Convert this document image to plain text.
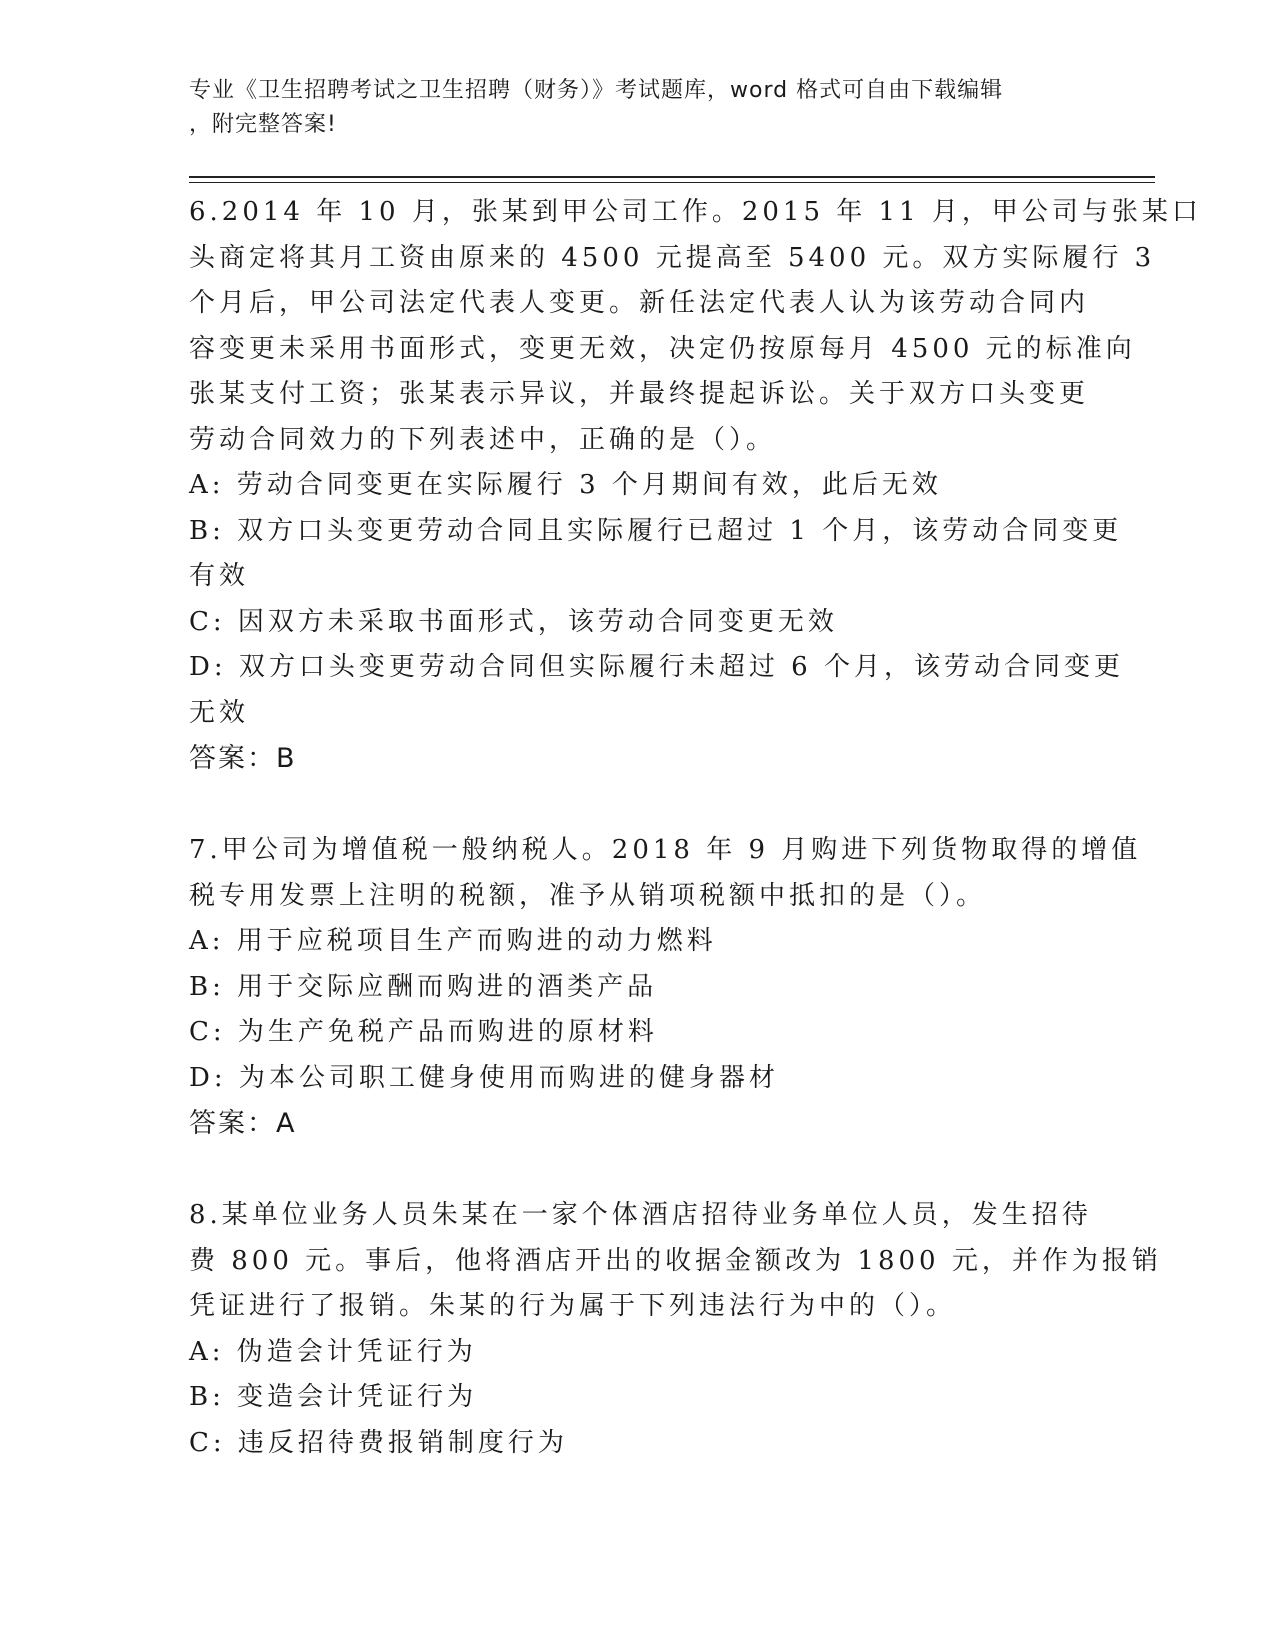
专业《卫生招聘考试之卫生招聘（财务）》考试题库，word 格式可自由下载编辑
，附完整答案!
6.2014 年 10 月，张某到甲公司工作。2015 年 11 月，甲公司与张某口
头商定将其月工资由原来的 4500 元提高至 5400 元。双方实际履行 3
个月后，甲公司法定代表人变更。新任法定代表人认为该劳动合同内
容变更未采用书面形式，变更无效，决定仍按原每月 4500 元的标准向
张某支付工资；张某表示异议，并最终提起诉讼。关于双方口头变更
劳动合同效力的下列表述中，正确的是（）。
A: 劳动合同变更在实际履行 3 个月期间有效，此后无效
B: 双方口头变更劳动合同且实际履行已超过 1 个月，该劳动合同变更
有效
C: 因双方未采取书面形式，该劳动合同变更无效
D: 双方口头变更劳动合同但实际履行未超过 6 个月，该劳动合同变更
无效
答案：B
7.甲公司为增值税一般纳税人。2018 年 9 月购进下列货物取得的增值
税专用发票上注明的税额，准予从销项税额中抵扣的是（）。
A: 用于应税项目生产而购进的动力燃料
B: 用于交际应酬而购进的酒类产品
C: 为生产免税产品而购进的原材料
D: 为本公司职工健身使用而购进的健身器材
答案：A
8.某单位业务人员朱某在一家个体酒店招待业务单位人员，发生招待
费 800 元。事后，他将酒店开出的收据金额改为 1800 元，并作为报销
凭证进行了报销。朱某的行为属于下列违法行为中的（）。
A: 伪造会计凭证行为
B: 变造会计凭证行为
C: 违反招待费报销制度行为
